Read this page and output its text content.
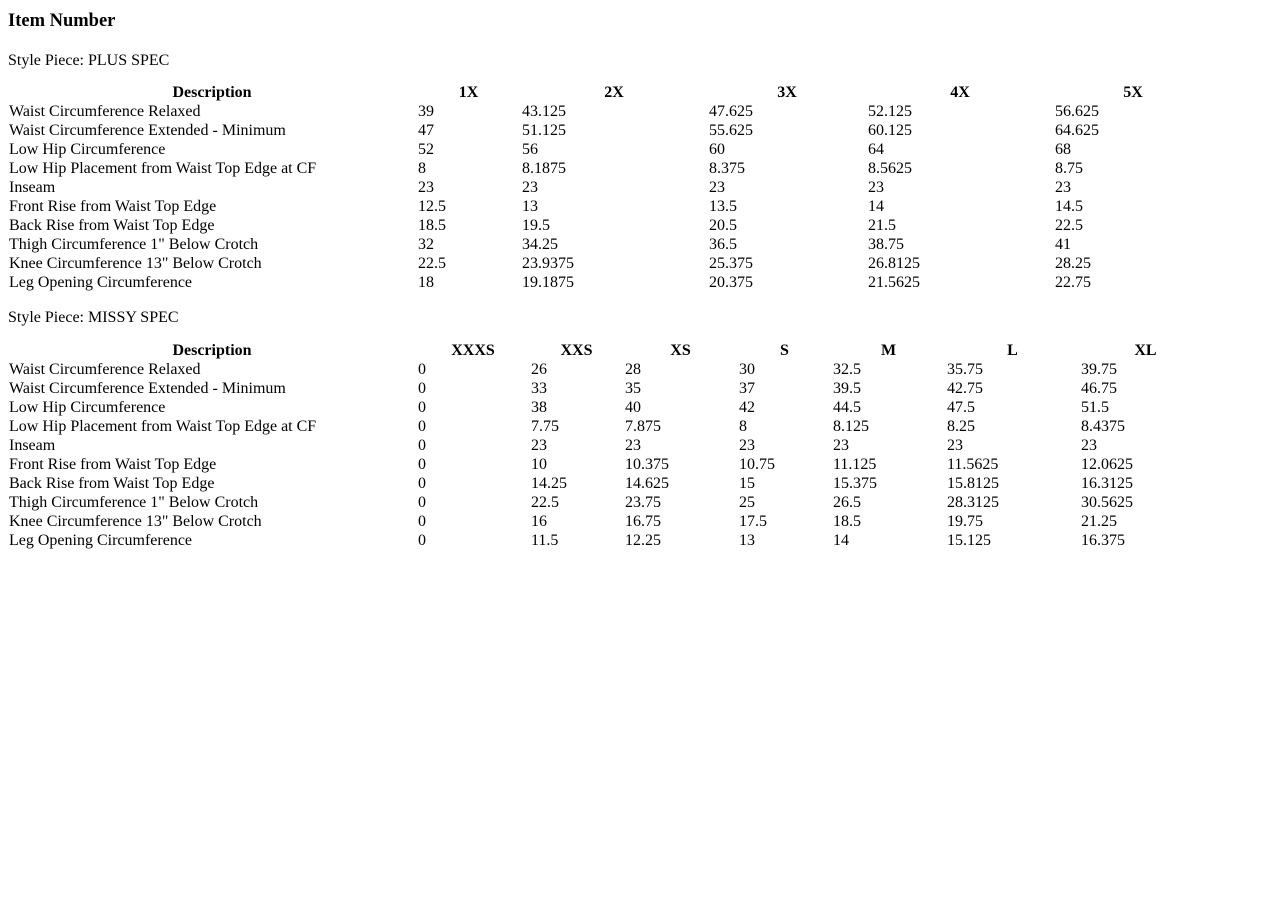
Item Number

Style Piece: PLUS SPEC

Description	1X	2X	3X	4X	5X
Waist Circumference Relaxed	39	43.125	47.625	52.125	56.625
Waist Circumference Extended - Minimum	47	51.125	55.625	60.125	64.625
Low Hip Circumference	52	56	60	64	68
Low Hip Placement from Waist Top Edge at CF	8	8.1875	8.375	8.5625	8.75
Inseam	23	23	23	23	23
Front Rise from Waist Top Edge	12.5	13	13.5	14	14.5
Back Rise from Waist Top Edge	18.5	19.5	20.5	21.5	22.5
Thigh Circumference 1" Below Crotch	32	34.25	36.5	38.75	41
Knee Circumference 13" Below Crotch	22.5	23.9375	25.375	26.8125	28.25
Leg Opening Circumference	18	19.1875	20.375	21.5625	22.75

Style Piece: MISSY SPEC

Description	XXXS	XXS	XS	S	M	L	XL
Waist Circumference Relaxed	0	26	28	30	32.5	35.75	39.75
Waist Circumference Extended - Minimum	0	33	35	37	39.5	42.75	46.75
Low Hip Circumference	0	38	40	42	44.5	47.5	51.5
Low Hip Placement from Waist Top Edge at CF	0	7.75	7.875	8	8.125	8.25	8.4375
Inseam	0	23	23	23	23	23	23
Front Rise from Waist Top Edge	0	10	10.375	10.75	11.125	11.5625	12.0625
Back Rise from Waist Top Edge	0	14.25	14.625	15	15.375	15.8125	16.3125
Thigh Circumference 1" Below Crotch	0	22.5	23.75	25	26.5	28.3125	30.5625
Knee Circumference 13" Below Crotch	0	16	16.75	17.5	18.5	19.75	21.25
Leg Opening Circumference	0	11.5	12.25	13	14	15.125	16.375
